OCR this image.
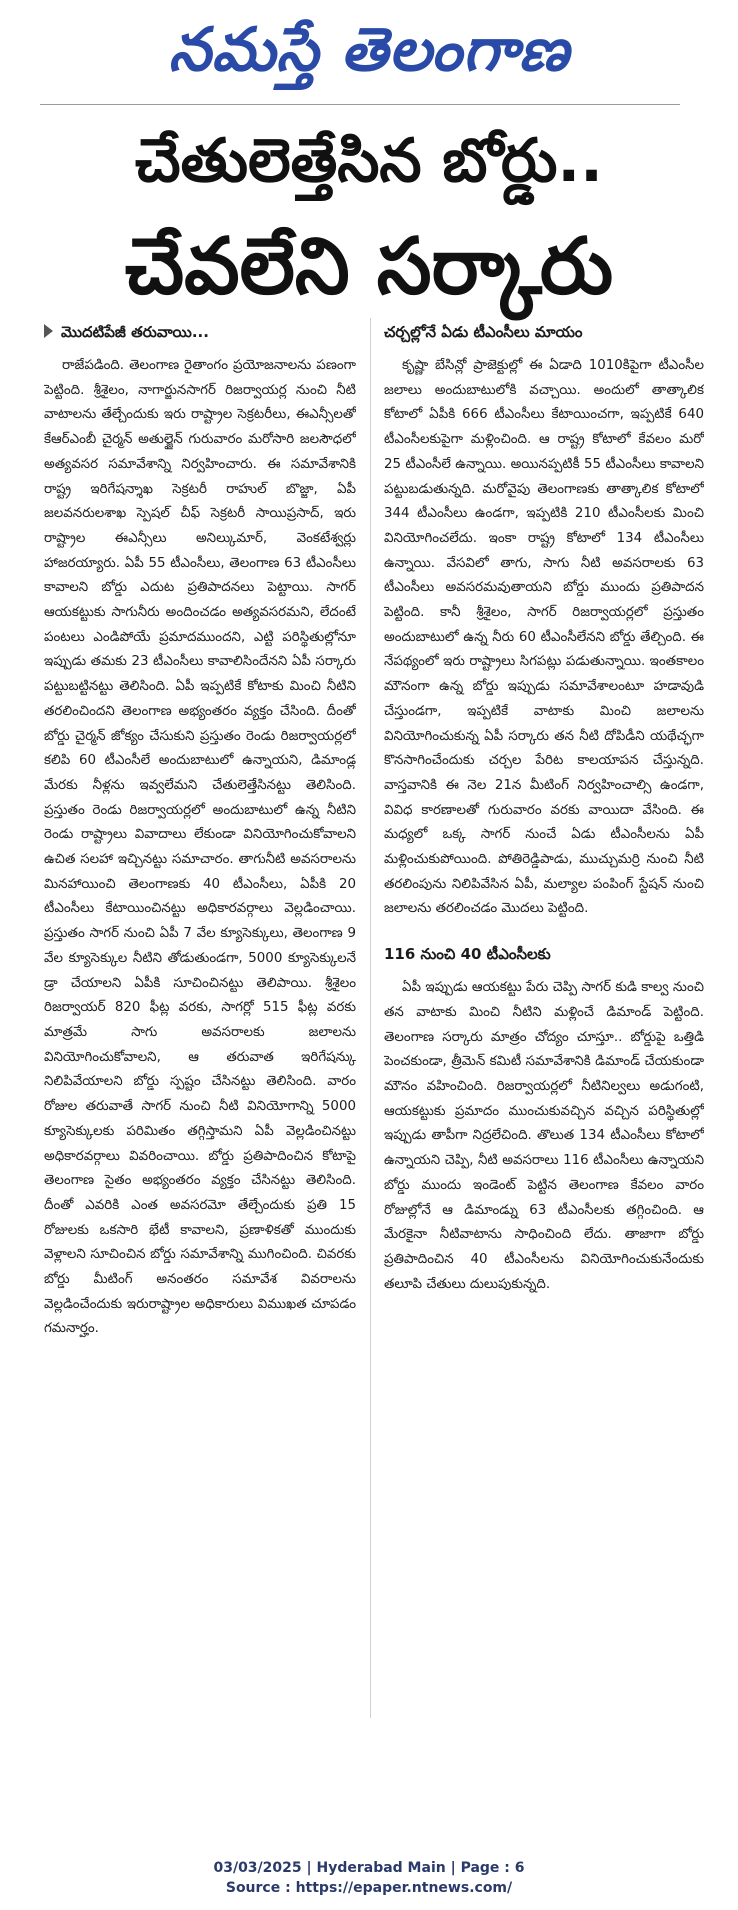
నమస్తే తెలంగాణ
చేతులెత్తేసిన బోర్డు..
చేవలేని సర్కారు
మొదటిపేజీ తరువాయి...

రాజేపడింది. తెలంగాణ రైతాంగం ప్రయోజనాలను పణంగా పెట్టింది. శ్రీశైలం, నాగార్జునసాగర్ రిజర్వాయర్ల నుంచి నీటి వాటాలను తేల్చేందుకు ఇరు రాష్ట్రాల సెక్రటరీలు, ఈఎన్సీలతో కేఆర్ఎంబీ చైర్మన్ అతుల్జైన్ గురువారం మరోసారి జలసౌధలో అత్యవసర సమావేశాన్ని నిర్వహించారు. ఈ సమావేశానికి రాష్ట్ర ఇరిగేషన్శాఖ సెక్రటరీ రాహుల్ బొజ్జా, ఏపీ జలవనరులశాఖ స్పెషల్ చీఫ్ సెక్రటరీ సాయిప్రసాద్, ఇరు రాష్ట్రాల ఈఎన్సీలు అనిల్కుమార్, వెంకటేశ్వర్లు హాజరయ్యారు. ఏపీ 55 టీఎంసీలు, తెలంగాణ 63 టీఎంసీలు కావాలని బోర్డు ఎదుట ప్రతిపాదనలు పెట్టాయి. సాగర్ ఆయకట్టుకు సాగునీరు అందించడం అత్యవసరమని, లేదంటే పంటలు ఎండిపోయే ప్రమాదముందని, ఎట్టి పరిస్థితుల్లోనూ ఇప్పుడు తమకు 23 టీఎంసీలు కావాలిసిందేనని ఏపీ సర్కారు పట్టుబట్టినట్టు తెలిసింది. ఏపీ ఇప్పటికే కోటాకు మించి నీటిని తరలించిందని తెలంగాణ అభ్యంతరం వ్యక్తం చేసింది. దీంతో బోర్డు చైర్మన్ జోక్యం చేసుకుని ప్రస్తుతం రెండు రిజర్వాయర్లలో కలిపి 60 టీఎంసీలే అందుబాటులో ఉన్నాయని, డిమాండ్ల మేరకు నీళ్లను ఇవ్వలేమని చేతులెత్తేసినట్టు తెలిసింది. ప్రస్తుతం రెండు రిజర్వాయర్లలో అందుబాటులో ఉన్న నీటిని రెండు రాష్ట్రాలు వివాదాలు లేకుండా వినియోగించుకోవాలని ఉచిత సలహా ఇచ్చినట్టు సమాచారం. తాగునీటి అవసరాలను మినహాయించి తెలంగాణకు 40 టీఎంసీలు, ఏపీకి 20 టీఎంసీలు కేటాయించినట్టు అధికారవర్గాలు వెల్లడించాయి. ప్రస్తుతం సాగర్ నుంచి ఏపీ 7 వేల క్యూసెక్కులు, తెలంగాణ 9 వేల క్యూసెక్కుల నీటిని తోడుతుండగా, 5000 క్యూసెక్కులనే డ్రా చేయాలని ఏపీకి సూచించినట్టు తెలిపాయి. శ్రీశైలం రిజర్వాయర్ 820 ఫీట్ల వరకు, సాగర్లో 515 ఫీట్ల వరకు మాత్రమే సాగు అవసరాలకు జలాలను వినియోగించుకోవాలని, ఆ తరువాత ఇరిగేషన్కు నిలిపివేయాలని బోర్డు స్పష్టం చేసినట్టు తెలిసింది. వారం రోజుల తరువాతే సాగర్ నుంచి నీటి వినియోగాన్ని 5000 క్యూసెక్కులకు పరిమితం తగ్గిస్తామని ఏపీ వెల్లడించినట్టు అధికారవర్గాలు వివరించాయి. బోర్డు ప్రతిపాదించిన కోటాపై తెలంగాణ సైతం అభ్యంతరం వ్యక్తం చేసినట్టు తెలిసింది. దీంతో ఎవరికి ఎంత అవసరమో తేల్చేందుకు ప్రతి 15 రోజులకు ఒకసారి భేటీ కావాలని, ప్రణాళికతో ముందుకు వెళ్లాలని సూచించిన బోర్డు సమావేశాన్ని ముగించింది. చివరకు బోర్డు మీటింగ్ అనంతరం సమావేశ వివరాలను వెల్లడించేందుకు ఇరురాష్ట్రాల అధికారులు విముఖత చూపడం గమనార్హం.

చర్చల్లోనే ఏడు టీఎంసీలు మాయం

కృష్ణా బేసిన్లో ప్రాజెక్టుల్లో ఈ ఏడాది 1010కిపైగా టీఎంసీల జలాలు అందుబాటులోకి వచ్చాయి. అందులో తాత్కాలిక కోటాలో ఏపీకి 666 టీఎంసీలు కేటాయించగా, ఇప్పటికే 640 టీఎంసీలకుపైగా మళ్లించింది. ఆ రాష్ట్ర కోటాలో కేవలం మరో 25 టీఎంసీలే ఉన్నాయి. అయినప్పటికీ 55 టీఎంసీలు కావాలని పట్టుబడుతున్నది. మరోవైపు తెలంగాణకు తాత్కాలిక కోటాలో 344 టీఎంసీలు ఉండగా, ఇప్పటికి 210 టీఎంసీలకు మించి వినియోగించలేదు. ఇంకా రాష్ట్ర కోటాలో 134 టీఎంసీలు ఉన్నాయి. వేసవిలో తాగు, సాగు నీటి అవసరాలకు 63 టీఎంసీలు అవసరమవుతాయని బోర్డు ముందు ప్రతిపాదన పెట్టింది. కానీ శ్రీశైలం, సాగర్ రిజర్వాయర్లలో ప్రస్తుతం అందుబాటులో ఉన్న నీరు 60 టీఎంసీలేనని బోర్డు తేల్చింది. ఈ నేపథ్యంలో ఇరు రాష్ట్రాలు సిగపట్లు పడుతున్నాయి. ఇంతకాలం మౌనంగా ఉన్న బోర్డు ఇప్పుడు సమావేశాలంటూ హడావుడి చేస్తుండగా, ఇప్పటికే వాటాకు మించి జలాలను వినియోగించుకున్న ఏపీ సర్కారు తన నీటి దోపిడీని యథేచ్ఛగా కొనసాగించేందుకు చర్చల పేరిట కాలయాపన చేస్తున్నది. వాస్తవానికి ఈ నెల 21న మీటింగ్ నిర్వహించాల్సి ఉండగా, వివిధ కారణాలతో గురువారం వరకు వాయిదా వేసింది. ఈ మధ్యలో ఒక్క సాగర్ నుంచే ఏడు టీఎంసీలను ఏపీ మళ్లించుకుపోయింది. పోతిరెడ్డిపాడు, ముచ్చుమర్రి నుంచి నీటి తరలింపును నిలిపివేసిన ఏపీ, మల్యాల పంపింగ్ స్టేషన్ నుంచి జలాలను తరలించడం మొదలు పెట్టింది.

116 నుంచి 40 టీఎంసీలకు

ఏపీ ఇప్పుడు ఆయకట్టు పేరు చెప్పి సాగర్ కుడి కాల్వ నుంచి తన వాటాకు మించి నీటిని మళ్లించే డిమాండ్ పెట్టింది. తెలంగాణ సర్కారు మాత్రం చోద్యం చూస్తూ.. బోర్డుపై ఒత్తిడి పెంచకుండా, త్రీమెన్ కమిటీ సమావేశానికి డిమాండ్ చేయకుండా మౌనం వహించింది. రిజర్వాయర్లలో నీటినిల్వలు అడుగంటి, ఆయకట్టుకు ప్రమాదం ముంచుకువచ్చిన వచ్చిన పరిస్థితుల్లో ఇప్పుడు తాపీగా నిద్రలేచింది. తొలుత 134 టీఎంసీలు కోటాలో ఉన్నాయని చెప్పి, నీటి అవసరాలు 116 టీఎంసీలు ఉన్నాయని బోర్డు ముందు ఇండెంట్ పెట్టిన తెలంగాణ కేవలం వారం రోజుల్లోనే ఆ డిమాండ్ను 63 టీఎంసీలకు తగ్గించింది. ఆ మేరకైనా నీటివాటాను సాధించింది లేదు. తాజాగా బోర్డు ప్రతిపాదించిన 40 టీఎంసీలను వినియోగించుకునేందుకు తలూపి చేతులు దులుపుకున్నది.

03/03/2025 | Hyderabad Main | Page : 6
Source : https://epaper.ntnews.com/
